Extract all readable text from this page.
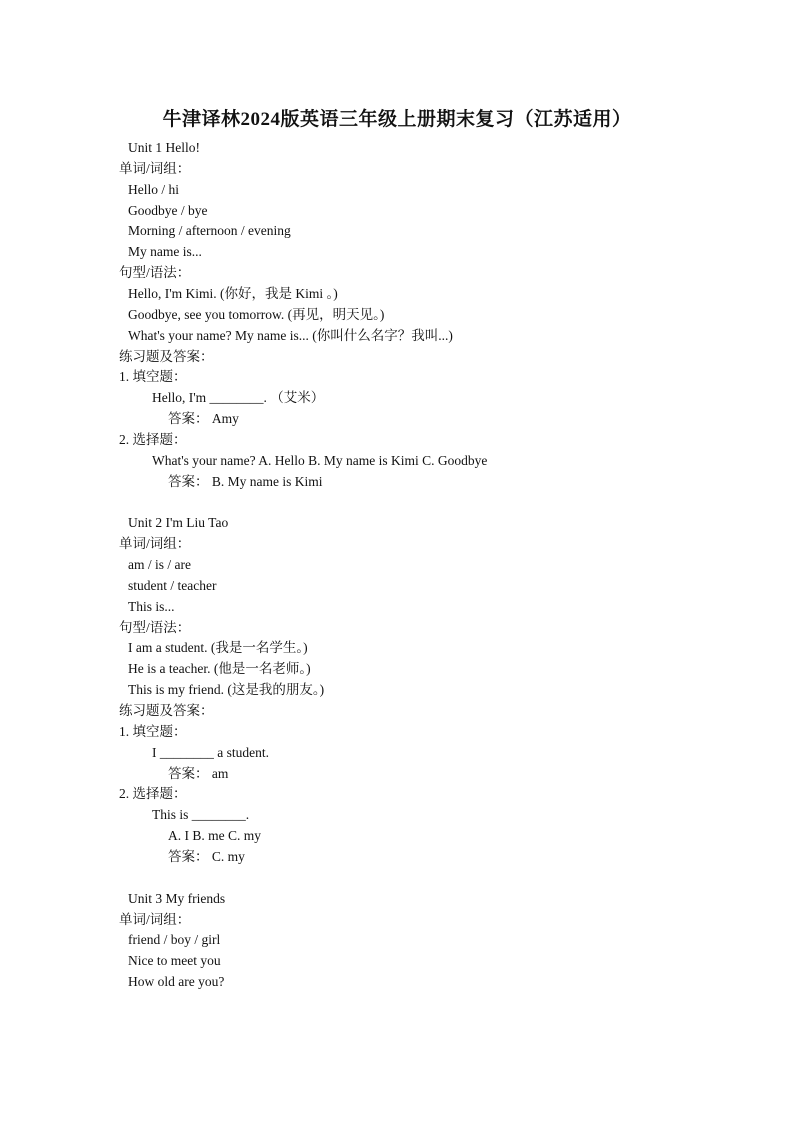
牛津译林2024版英语三年级上册期末复习（江苏适用）
Unit 1 Hello!
单词/词组：
Hello / hi
Goodbye / bye
Morning / afternoon / evening
My name is...
句型/语法：
Hello, I'm Kimi. (你好，我是 Kimi 。)
Goodbye, see you tomorrow. (再见，明天见。)
What's your name? My name is... (你叫什么名字？我叫...)
练习题及答案：
1. 填空题：
Hello, I'm ________. （艾米）
答案： Amy
2. 选择题：
What's your name? A. Hello B. My name is Kimi C. Goodbye
答案： B. My name is Kimi
Unit 2 I'm Liu Tao
单词/词组：
am / is / are
student / teacher
This is...
句型/语法：
I am a student. (我是一名学生。)
He is a teacher. (他是一名老师。)
This is my friend. (这是我的朋友。)
练习题及答案：
1. 填空题：
I ________ a student.
答案： am
2. 选择题：
This is ________.
A. I B. me C. my
答案： C. my
Unit 3 My friends
单词/词组：
friend / boy / girl
Nice to meet you
How old are you?
